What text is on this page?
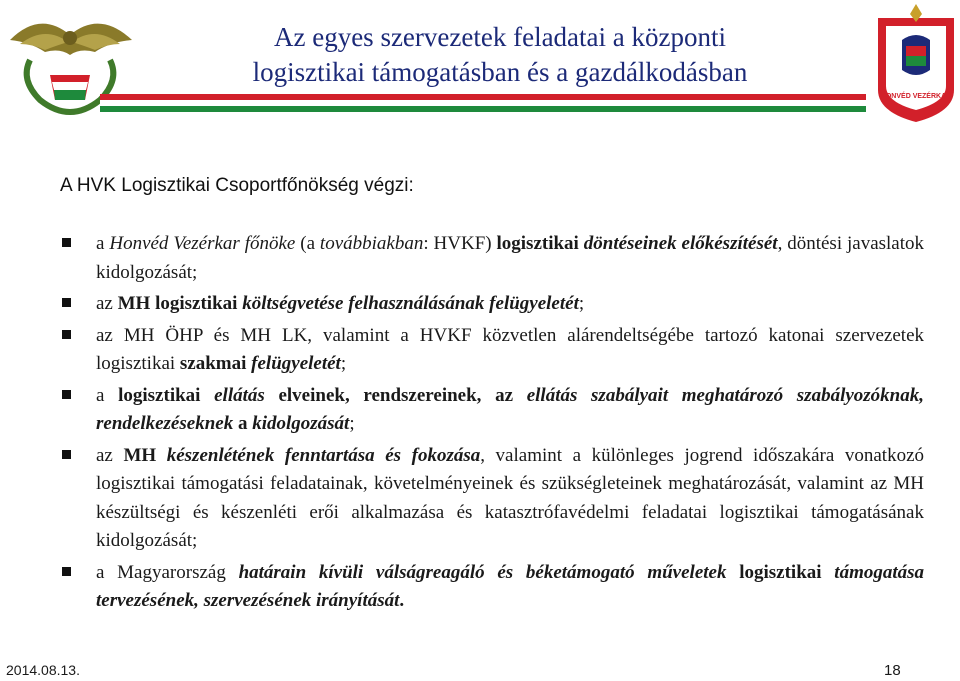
Az egyes szervezetek feladatai a központi
logisztikai támogatásban és a gazdálkodásban
HONVÉD VEZÉRKAR
A HVK Logisztikai Csoportfőnökség végzi:
a Honvéd Vezérkar főnöke (a továbbiakban: HVKF) logisztikai döntéseinek előkészítését, döntési javaslatok kidolgozását;
az MH logisztikai költségvetése felhasználásának felügyeletét;
az MH ÖHP és MH LK, valamint a HVKF közvetlen alárendeltségébe tartozó katonai szervezetek logisztikai szakmai felügyeletét;
a logisztikai ellátás elveinek, rendszereinek, az ellátás szabályait meghatározó szabályozóknak, rendelkezéseknek a kidolgozását;
az MH készenlétének fenntartása és fokozása, valamint a különleges jogrend időszakára vonatkozó logisztikai támogatási feladatainak, követelményeinek és szükségleteinek meghatározását, valamint az MH készültségi és készenléti erői alkalmazása és katasztrófavédelmi feladatai logisztikai támogatásának kidolgozását;
a Magyarország határain kívüli válságreagáló és béketámogató műveletek logisztikai támogatása tervezésének, szervezésének irányítását.
2014.08.13.	18
